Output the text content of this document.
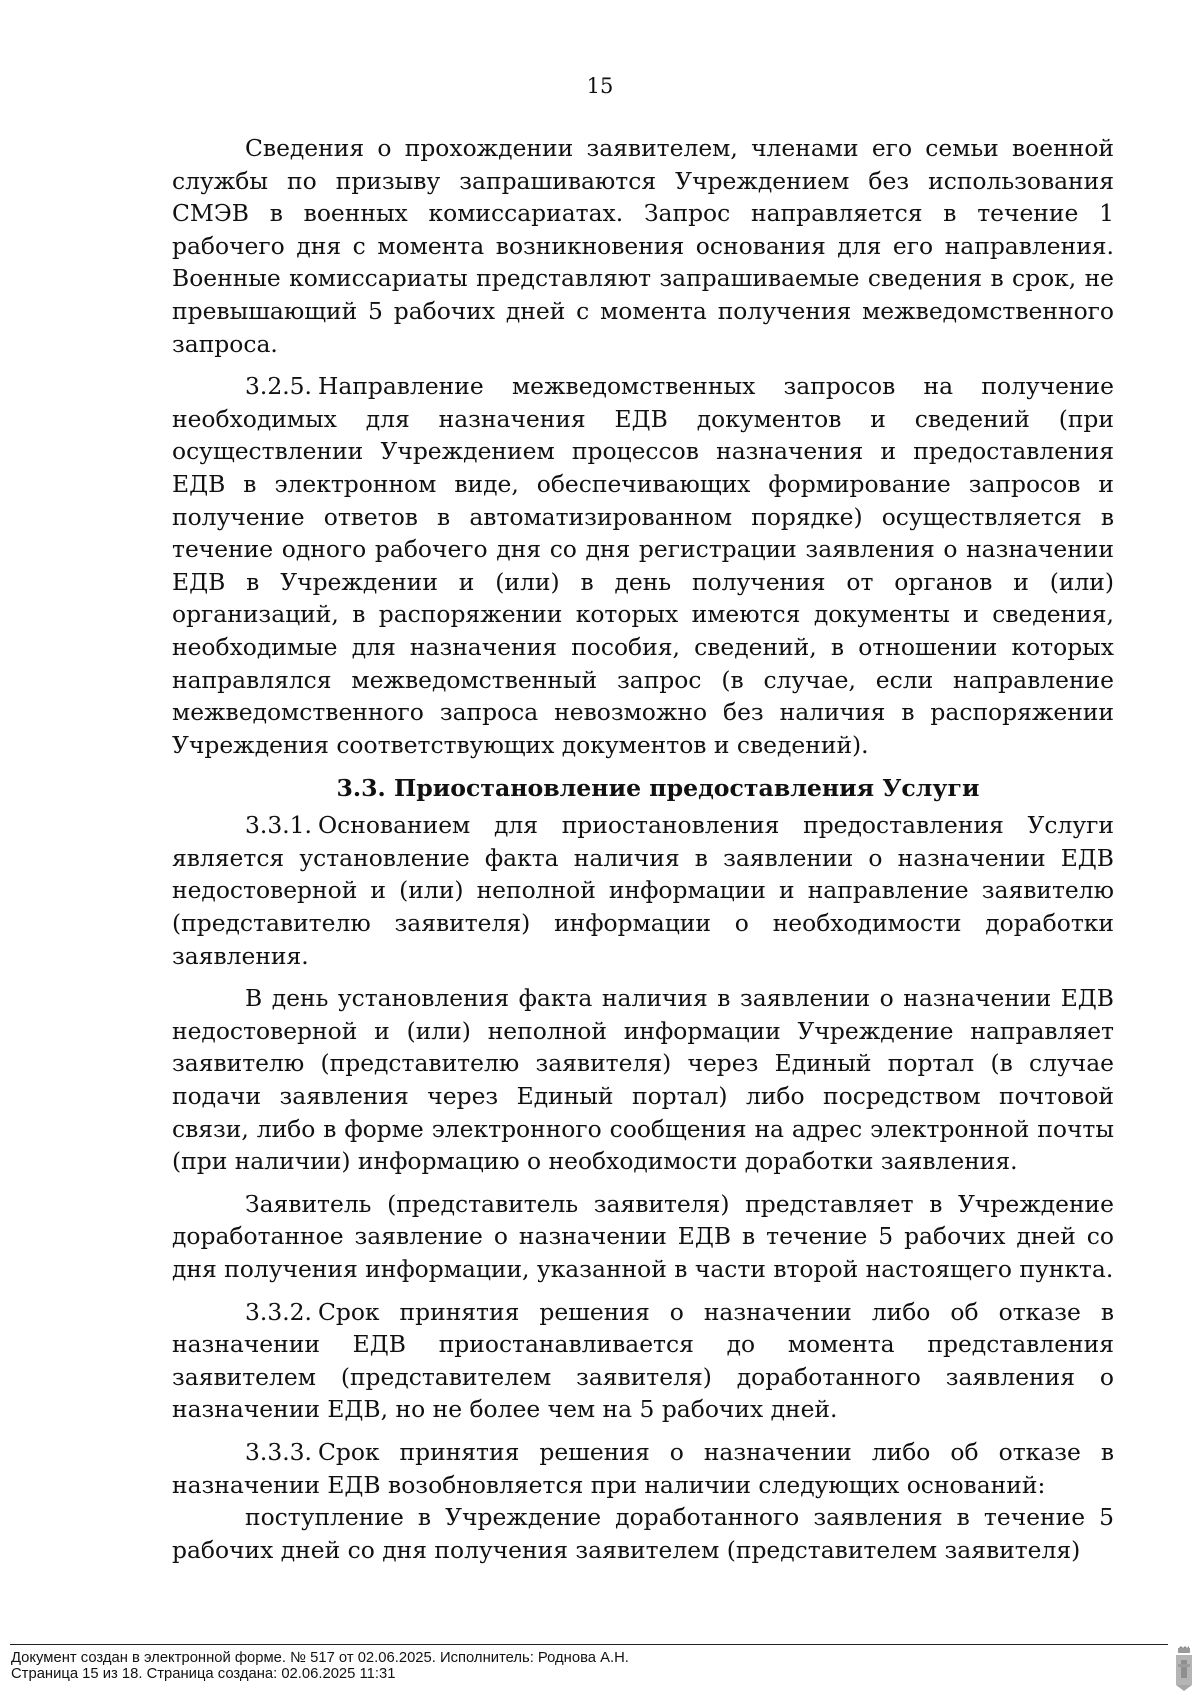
15

Сведения о прохождении заявителем, членами его семьи военной службы по призыву запрашиваются Учреждением без использования СМЭВ в военных комиссариатах. Запрос направляется в течение 1 рабочего дня с момента возникновения основания для его направления. Военные комиссариаты представляют запрашиваемые сведения в срок, не превышающий 5 рабочих дней с момента получения межведомственного запроса.

3.2.5. Направление межведомственных запросов на получение необходимых для назначения ЕДВ документов и сведений (при осуществлении Учреждением процессов назначения и предоставления ЕДВ в электронном виде, обеспечивающих формирование запросов и получение ответов в автоматизированном порядке) осуществляется в течение одного рабочего дня со дня регистрации заявления о назначении ЕДВ в Учреждении и (или) в день получения от органов и (или) организаций, в распоряжении которых имеются документы и сведения, необходимые для назначения пособия, сведений, в отношении которых направлялся межведомственный запрос (в случае, если направление межведомственного запроса невозможно без наличия в распоряжении Учреждения соответствующих документов и сведений).

3.3. Приостановление предоставления Услуги

3.3.1. Основанием для приостановления предоставления Услуги является установление факта наличия в заявлении о назначении ЕДВ недостоверной и (или) неполной информации и направление заявителю (представителю заявителя) информации о необходимости доработки заявления.

В день установления факта наличия в заявлении о назначении ЕДВ недостоверной и (или) неполной информации Учреждение направляет заявителю (представителю заявителя) через Единый портал (в случае подачи заявления через Единый портал) либо посредством почтовой связи, либо в форме электронного сообщения на адрес электронной почты (при наличии) информацию о необходимости доработки заявления.

Заявитель (представитель заявителя) представляет в Учреждение доработанное заявление о назначении ЕДВ в течение 5 рабочих дней со дня получения информации, указанной в части второй настоящего пункта.

3.3.2. Срок принятия решения о назначении либо об отказе в назначении ЕДВ приостанавливается до момента представления заявителем (представителем заявителя) доработанного заявления о назначении ЕДВ, но не более чем на 5 рабочих дней.

3.3.3. Срок принятия решения о назначении либо об отказе в назначении ЕДВ возобновляется при наличии следующих оснований:

поступление в Учреждение доработанного заявления в течение 5 рабочих дней со дня получения заявителем (представителем заявителя)

Документ создан в электронной форме. № 517 от 02.06.2025. Исполнитель: Роднова А.Н.
Страница 15 из 18. Страница создана: 02.06.2025 11:31
